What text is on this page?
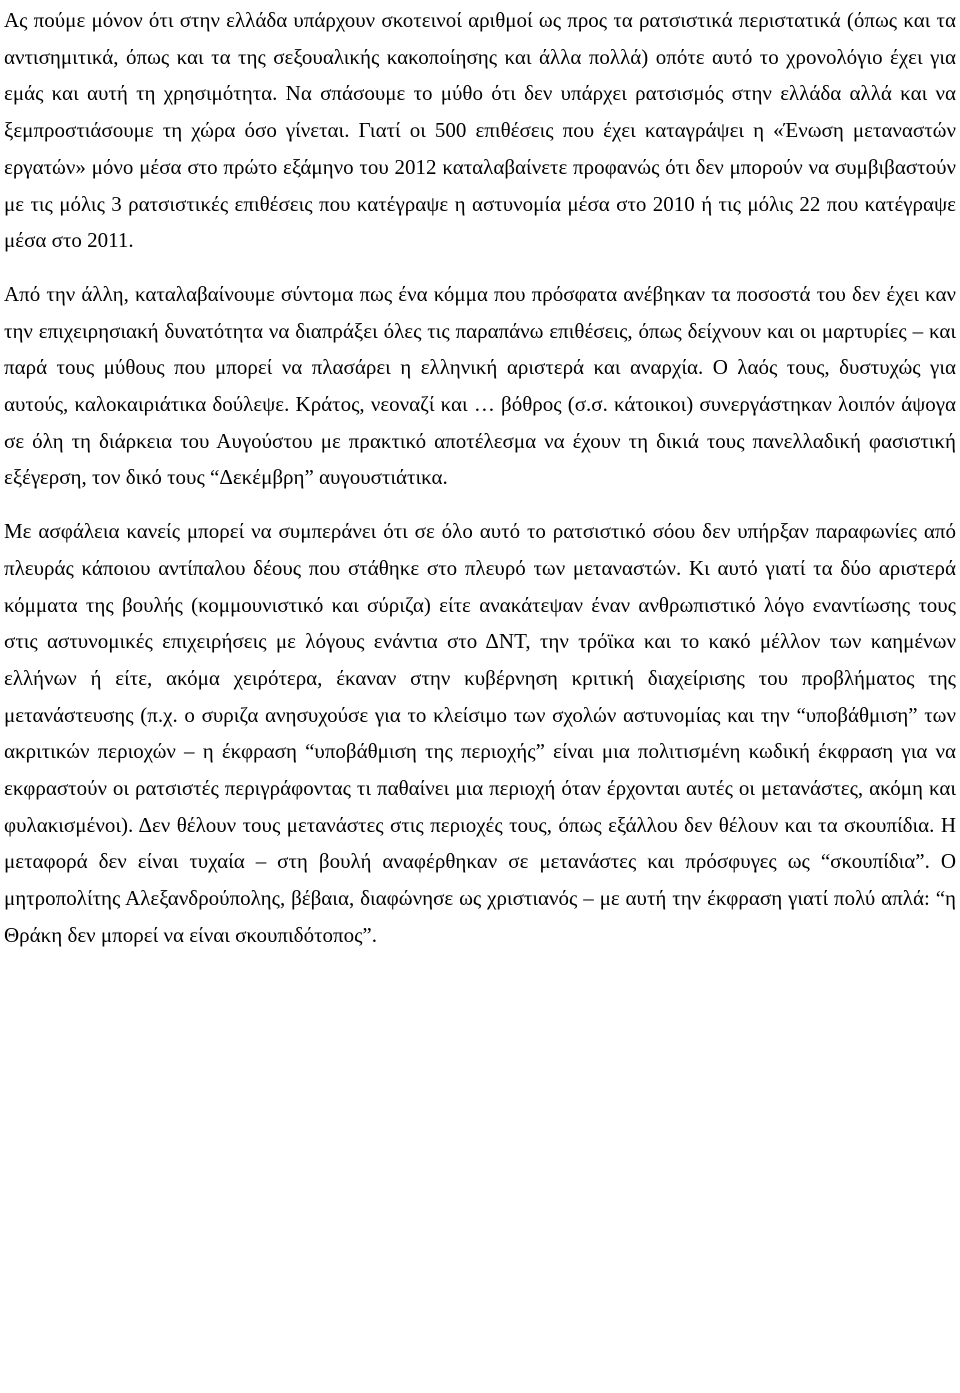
Ας πούμε μόνον ότι στην ελλάδα υπάρχουν σκοτεινοί αριθμοί ως προς τα ρατσιστικά περιστατικά (όπως και τα αντισημιτικά, όπως και τα της σεξουαλικής κακοποίησης και άλλα πολλά) οπότε αυτό το χρονολόγιο έχει για εμάς και αυτή τη χρησιμότητα. Να σπάσουμε το μύθο ότι δεν υπάρχει ρατσισμός στην ελλάδα αλλά και να ξεμπροστιάσουμε τη χώρα όσο γίνεται. Γιατί οι 500 επιθέσεις που έχει καταγράψει η «Ένωση μεταναστών εργατών» μόνο μέσα στο πρώτο εξάμηνο του 2012 καταλαβαίνετε προφανώς ότι δεν μπορούν να συμβιβαστούν με τις μόλις 3 ρατσιστικές επιθέσεις που κατέγραψε η αστυνομία μέσα στο 2010 ή τις μόλις 22 που κατέγραψε μέσα στο 2011.

Από την άλλη, καταλαβαίνουμε σύντομα πως ένα κόμμα που πρόσφατα ανέβηκαν τα ποσοστά του δεν έχει καν την επιχειρησιακή δυνατότητα να διαπράξει όλες τις παραπάνω επιθέσεις, όπως δείχνουν και οι μαρτυρίες – και παρά τους μύθους που μπορεί να πλασάρει η ελληνική αριστερά και αναρχία. Ο λαός τους, δυστυχώς για αυτούς, καλοκαιριάτικα δούλεψε. Κράτος, νεοναζί και … βόθρος (σ.σ. κάτοικοι) συνεργάστηκαν λοιπόν άψογα σε όλη τη διάρκεια του Αυγούστου με πρακτικό αποτέλεσμα να έχουν τη δικιά τους πανελλαδική φασιστική εξέγερση, τον δικό τους “Δεκέμβρη” αυγουστιάτικα.

Με ασφάλεια κανείς μπορεί να συμπεράνει ότι σε όλο αυτό το ρατσιστικό σόου δεν υπήρξαν παραφωνίες από πλευράς κάποιου αντίπαλου δέους που στάθηκε στο πλευρό των μεταναστών. Κι αυτό γιατί τα δύο αριστερά κόμματα της βουλής (κομμουνιστικό και σύριζα) είτε ανακάτεψαν έναν ανθρωπιστικό λόγο εναντίωσης τους στις αστυνομικές επιχειρήσεις με λόγους ενάντια στο ΔΝΤ, την τρόϊκα και το κακό μέλλον των καημένων ελλήνων ή είτε, ακόμα χειρότερα, έκαναν στην κυβέρνηση κριτική διαχείρισης του προβλήματος της μετανάστευσης (π.χ. ο συριζα ανησυχούσε για το κλείσιμο των σχολών αστυνομίας και την “υποβάθμιση” των ακριτικών περιοχών – η έκφραση “υποβάθμιση της περιοχής” είναι μια πολιτισμένη κωδική έκφραση για να εκφραστούν οι ρατσιστές περιγράφοντας τι παθαίνει μια περιοχή όταν έρχονται αυτές οι μετανάστες, ακόμη και φυλακισμένοι). Δεν θέλουν τους μετανάστες στις περιοχές τους, όπως εξάλλου δεν θέλουν και τα σκουπίδια. Η μεταφορά δεν είναι τυχαία – στη βουλή αναφέρθηκαν σε μετανάστες και πρόσφυγες ως “σκουπίδια”. Ο μητροπολίτης Αλεξανδρούπολης, βέβαια, διαφώνησε ως χριστιανός – με αυτή την έκφραση γιατί πολύ απλά: “η Θράκη δεν μπορεί να είναι σκουπιδότοπος”.
